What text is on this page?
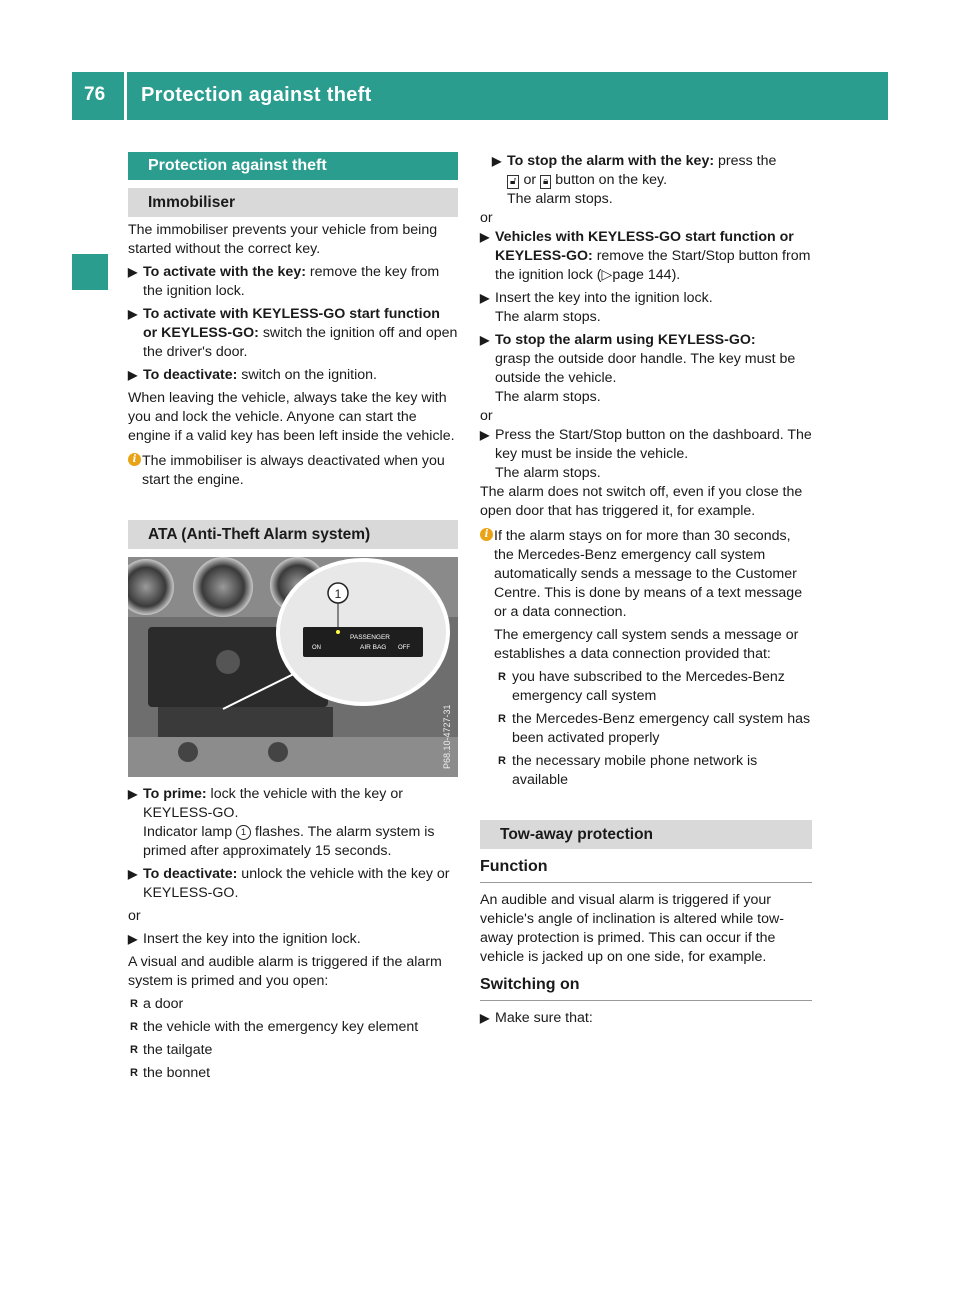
76 Protection against theft
Protection against theft
Immobiliser

The immobiliser prevents your vehicle from being started without the correct key.

▶ To activate with the key: remove the key from the ignition lock.
▶ To activate with KEYLESS-GO start function or KEYLESS-GO: switch the ignition off and open the driver's door.
▶ To deactivate: switch on the ignition.

When leaving the vehicle, always take the key with you and lock the vehicle. Anyone can start the engine if a valid key has been left inside the vehicle.

i The immobiliser is always deactivated when you start the engine.
ATA (Anti-Theft Alarm system)
1
PASSENGER
AIR BAG
ON	OFF
P68.10-4727-31
▶ To prime: lock the vehicle with the key or KEYLESS-GO.
Indicator lamp 1 flashes. The alarm system is primed after approximately 15 seconds.
▶ To deactivate: unlock the vehicle with the key or KEYLESS-GO.

or

▶ Insert the key into the ignition lock.

A visual and audible alarm is triggered if the alarm system is primed and you open:

R a door
R the vehicle with the emergency key element
R the tailgate
R the bonnet
▶ To stop the alarm with the key: press the
🔓︎ or 🔒︎ button on the key.
The alarm stops.

or

▶ Vehicles with KEYLESS-GO start function or KEYLESS-GO: remove the Start/Stop button from the ignition lock (▷page 144).
▶ Insert the key into the ignition lock.
The alarm stops.
▶ To stop the alarm using KEYLESS-GO:
grasp the outside door handle. The key must be outside the vehicle.
The alarm stops.

or

▶ Press the Start/Stop button on the dashboard. The key must be inside the vehicle.
The alarm stops.

The alarm does not switch off, even if you close the open door that has triggered it, for example.

i If the alarm stays on for more than 30 seconds, the Mercedes-Benz emergency call system automatically sends a message to the Customer Centre. This is done by means of a text message or a data connection.

The emergency call system sends a message or establishes a data connection provided that:

R you have subscribed to the Mercedes-Benz emergency call system
R the Mercedes-Benz emergency call system has been activated properly
R the necessary mobile phone network is available
Tow-away protection
Function

An audible and visual alarm is triggered if your vehicle's angle of inclination is altered while tow-away protection is primed. This can occur if the vehicle is jacked up on one side, for example.

Switching on
▶ Make sure that:
